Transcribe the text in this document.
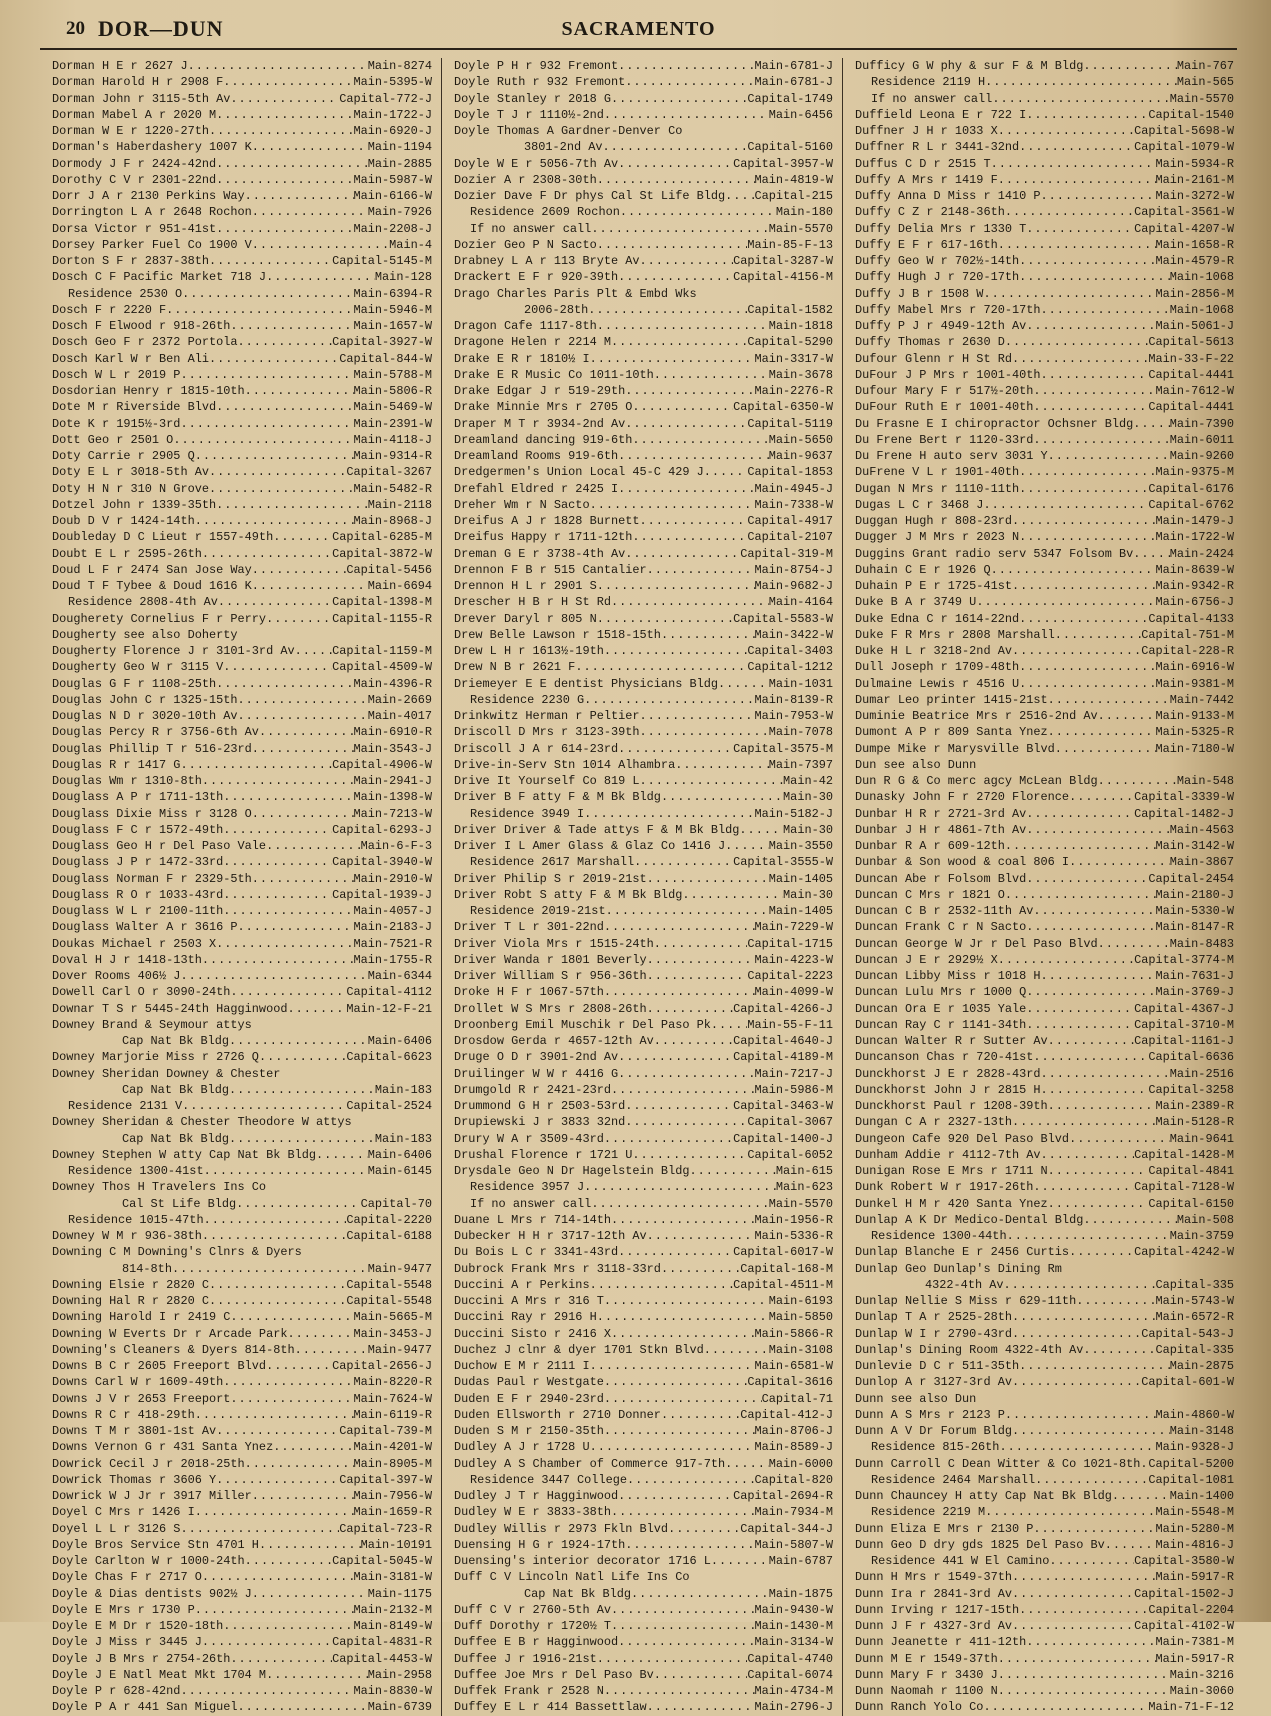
20 DOR—DUN	SACRAMENTO
Dorman H E r 2627 J .....	Main-8274
Dorman Harold H r 2908 F .....	Main-5395-W
Dorman John r 3115-5th Av .....	Capital-772-J
Dorman Mabel A r 2020 M .....	Main-1722-J
Dorman W E r 1220-27th .....	Main-6920-J
Dorman's Haberdashery 1007 K .....	Main-1194
Dormody J F r 2424-42nd .....	Main-2885
Dorothy C V r 2301-22nd .....	Main-5987-W
Dorr J A r 2130 Perkins Way .....	Main-6166-W
Dorrington L A r 2648 Rochon .....	Main-7926
Dorsa Victor r 951-41st .....	Main-2208-J
Dorsey Parker Fuel Co 1900 V .....	Main-4
Dorton S F r 2837-38th .....	Capital-5145-M
Dosch C F Pacific Market 718 J .....	Main-128
Residence 2530 O .....	Main-6394-R
Dosch F r 2220 F .....	Main-5946-M
Dosch F Elwood r 918-26th .....	Main-1657-W
Dosch Geo F r 2372 Portola .....	Capital-3927-W
Dosch Karl W r Ben Ali .....	Capital-844-W
Dosch W L r 2019 P .....	Main-5788-M
Dosdorian Henry r 1815-10th .....	Main-5806-R
Dote M r Riverside Blvd .....	Main-5469-W
Dote K r 1915½-3rd .....	Main-2391-W
Dott Geo r 2501 O .....	Main-4118-J
Doty Carrie r 2905 Q .....	Main-9314-R
Doty E L r 3018-5th Av .....	Capital-3267
Doty H N r 310 N Grove .....	Main-5482-R
Dotzel John r 1339-35th .....	Main-2118
Doub D V r 1424-14th .....	Main-8968-J
Doubleday D C Lieut r 1557-49th .....	Capital-6285-M
Doubt E L r 2595-26th .....	Capital-3872-W
Doud L F r 2474 San Jose Way .....	Capital-5456
Doud T F Tybee & Doud 1616 K .....	Main-6694
Residence 2808-4th Av .....	Capital-1398-M
Dougherety Cornelius F r Perry .....	Capital-1155-R
Dougherty see also Doherty
Dougherty Florence J r 3101-3rd Av .....	Capital-1159-M
Dougherty Geo W r 3115 V .....	Capital-4509-W
Douglas G F r 1108-25th .....	Main-4396-R
Douglas John C r 1325-15th .....	Main-2669
Douglas N D r 3020-10th Av .....	Main-4017
Douglas Percy R r 3756-6th Av .....	Main-6910-R
Douglas Phillip T r 516-23rd .....	Main-3543-J
Douglas R r 1417 G .....	Capital-4906-W
Douglas Wm r 1310-8th .....	Main-2941-J
Douglass A P r 1711-13th .....	Main-1398-W
Douglass Dixie Miss r 3128 O .....	Main-7213-W
Douglass F C r 1572-49th .....	Capital-6293-J
Douglass Geo H r Del Paso Vale .....	Main-6-F-3
Douglass J P r 1472-33rd .....	Capital-3940-W
Douglass Norman F r 2329-5th .....	Main-2910-W
Douglass R O r 1033-43rd .....	Capital-1939-J
Douglass W L r 2100-11th .....	Main-4057-J
Douglass Walter A r 3616 P .....	Main-2183-J
Doukas Michael r 2503 X .....	Main-7521-R
Doval H J r 1418-13th .....	Main-1755-R
Dover Rooms 406½ J .....	Main-6344
Dowell Carl O r 3090-24th .....	Capital-4112
Downar T S r 5445-24th Hagginwood .....	Main-12-F-21
Downey Brand & Seymour attys
Cap Nat Bk Bldg .....	Main-6406
Downey Marjorie Miss r 2726 Q .....	Capital-6623
Downey Sheridan Downey & Chester
Cap Nat Bk Bldg .....	Main-183
Residence 2131 V .....	Capital-2524
Downey Sheridan & Chester Theodore W attys
Cap Nat Bk Bldg .....	Main-183
Downey Stephen W atty Cap Nat Bk Bldg .....	Main-6406
Residence 1300-41st .....	Main-6145
Downey Thos H Travelers Ins Co
Cal St Life Bldg .....	Capital-70
Residence 1015-47th .....	Capital-2220
Downey W M r 936-38th .....	Capital-6188
Downing C M Downing's Clnrs & Dyers
814-8th .....	Main-9477
Downing Elsie r 2820 C .....	Capital-5548
Downing Hal R r 2820 C .....	Capital-5548
Downing Harold I r 2419 C .....	Main-5665-M
Downing W Everts Dr r Arcade Park .....	Main-3453-J
Downing's Cleaners & Dyers 814-8th .....	Main-9477
Downs B C r 2605 Freeport Blvd .....	Capital-2656-J
Downs Carl W r 1609-49th .....	Main-8220-R
Downs J V r 2653 Freeport .....	Main-7624-W
Downs R C r 418-29th .....	Main-6119-R
Downs T M r 3801-1st Av .....	Capital-739-M
Downs Vernon G r 431 Santa Ynez .....	Main-4201-W
Dowrick Cecil J r 2018-25th .....	Main-8905-M
Dowrick Thomas r 3606 Y .....	Capital-397-W
Dowrick W J Jr r 3917 Miller .....	Main-7956-W
Doyel C Mrs r 1426 I .....	Main-1659-R
Doyel L L r 3126 S .....	Capital-723-R
Doyle Bros Service Stn 4701 H .....	Main-10191
Doyle Carlton W r 1000-24th .....	Capital-5045-W
Doyle Chas F r 2717 O .....	Main-3181-W
Doyle & Dias dentists 902½ J .....	Main-1175
Doyle E Mrs r 1730 P .....	Main-2132-M
Doyle E M Dr r 1520-18th .....	Main-8149-W
Doyle J Miss r 3445 J .....	Capital-4831-R
Doyle J B Mrs r 2754-26th .....	Capital-4453-W
Doyle J E Natl Meat Mkt 1704 M .....	Main-2958
Doyle P r 628-42nd .....	Main-8830-W
Doyle P A r 441 San Miguel .....	Main-6739
Doyle P H r 932 Fremont .....	Main-6781-J
Doyle Ruth r 932 Fremont .....	Main-6781-J
Doyle Stanley r 2018 G .....	Capital-1749
Doyle T J r 1110½-2nd .....	Main-6456
Doyle Thomas A Gardner-Denver Co
3801-2nd Av .....	Capital-5160
Doyle W E r 5056-7th Av .....	Capital-3957-W
Dozier A r 2308-30th .....	Main-4819-W
Dozier Dave F Dr phys Cal St Life Bldg ..... Capital-215
Residence 2609 Rochon .....	Main-180
If no answer call .....	Main-5570
Dozier Geo P N Sacto .....	Main-85-F-13
Drabney L A r 113 Bryte Av .....	Capital-3287-W
Drackert E F r 920-39th .....	Capital-4156-M
Drago Charles Paris Plt & Embd Wks
2006-28th .....	Capital-1582
Dragon Cafe 1117-8th .....	Main-1818
Dragone Helen r 2214 M .....	Capital-5290
Drake E R r 1810½ I .....	Main-3317-W
Drake E R Music Co 1011-10th .....	Main-3678
Drake Edgar J r 519-29th .....	Main-2276-R
Drake Minnie Mrs r 2705 O .....	Capital-6350-W
Draper M T r 3934-2nd Av .....	Capital-5119
Dreamland dancing 919-6th .....	Main-5650
Dreamland Rooms 919-6th .....	Main-9637
Dredgermen's Union Local 45-C 429 J .....	Capital-1853
Drefahl Eldred r 2425 I .....	Main-4945-J
Dreher Wm r N Sacto .....	Main-7338-W
Dreifus A J r 1828 Burnett .....	Capital-4917
Dreifus Happy r 1711-12th .....	Capital-2107
Dreman G E r 3738-4th Av .....	Capital-319-M
Drennon F B r 515 Cantalier .....	Main-8754-J
Drennon H L r 2901 S .....	Main-9682-J
Drescher H B r H St Rd .....	Main-4164
Drever Daryl r 805 N .....	Capital-5583-W
Drew Belle Lawson r 1518-15th .....	Main-3422-W
Drew L H r 1613½-19th .....	Capital-3403
Drew N B r 2621 F .....	Capital-1212
Driemeyer E E dentist Physicians Bldg .....	Main-1031
Residence 2230 G .....	Main-8139-R
Drinkwitz Herman r Peltier .....	Main-7953-W
Driscoll D Mrs r 3123-39th .....	Main-7078
Driscoll J A r 614-23rd .....	Capital-3575-M
Drive-in-Serv Stn 1014 Alhambra .....	Main-7397
Drive It Yourself Co 819 L .....	Main-42
Driver B F atty F & M Bk Bldg .....	Main-30
Residence 3949 I .....	Main-5182-J
Driver Driver & Tade attys F & M Bk Bldg .....	Main-30
Driver I L Amer Glass & Glaz Co 1416 J .....	Main-3550
Residence 2617 Marshall .....	Capital-3555-W
Driver Philip S r 2019-21st .....	Main-1405
Driver Robt S atty F & M Bk Bldg .....	Main-30
Residence 2019-21st .....	Main-1405
Driver T L r 301-22nd .....	Main-7229-W
Driver Viola Mrs r 1515-24th .....	Capital-1715
Driver Wanda r 1801 Beverly .....	Main-4223-W
Driver William S r 956-36th .....	Capital-2223
Droke H F r 1067-57th .....	Main-4099-W
Drollet W S Mrs r 2808-26th .....	Capital-4266-J
Droonberg Emil Muschik r Del Paso Pk .....	Main-55-F-11
Drosdow Gerda r 4657-12th Av .....	Capital-4640-J
Druge O D r 3901-2nd Av .....	Capital-4189-M
Druilinger W W r 4416 G .....	Main-7217-J
Drumgold R r 2421-23rd .....	Main-5986-M
Drummond G H r 2503-53rd .....	Capital-3463-W
Drupiewski J r 3833 32nd .....	Capital-3067
Drury W A r 3509-43rd .....	Capital-1400-J
Drushal Florence r 1721 U .....	Capital-6052
Drysdale Geo N Dr Hagelstein Bldg .....	Main-615
Residence 3957 J .....	Main-623
If no answer call .....	Main-5570
Duane L Mrs r 714-14th .....	Main-1956-R
Dubecker H H r 3717-12th Av .....	Main-5336-R
Du Bois L C r 3341-43rd .....	Capital-6017-W
Dubrock Frank Mrs r 3118-33rd .....	Capital-168-M
Duccini A r Perkins .....	Capital-4511-M
Duccini A Mrs r 316 T .....	Main-6193
Duccini Ray r 2916 H .....	Main-5850
Duccini Sisto r 2416 X .....	Main-5866-R
Duchez J clnr & dyer 1701 Stkn Blvd .....	Main-3108
Duchow E M r 2111 I .....	Main-6581-W
Dudas Paul r Westgate .....	Capital-3616
Duden E F r 2940-23rd .....	Capital-71
Duden Ellsworth r 2710 Donner .....	Capital-412-J
Duden S M r 2150-35th .....	Main-8706-J
Dudley A J r 1728 U .....	Main-8589-J
Dudley A S Chamber of Commerce 917-7th .....	Main-6000
Residence 3447 College .....	Capital-820
Dudley J T r Hagginwood .....	Capital-2694-R
Dudley W E r 3833-38th .....	Main-7934-M
Dudley Willis r 2973 Fkln Blvd .....	Capital-344-J
Duensing H G r 1924-17th .....	Main-5807-W
Duensing's interior decorator 1716 L .....	Main-6787
Duff C V Lincoln Natl Life Ins Co
Cap Nat Bk Bldg .....	Main-1875
Duff C V r 2760-5th Av .....	Main-9430-W
Duff Dorothy r 1720½ T .....	Main-1430-M
Duffee E B r Hagginwood .....	Main-3134-W
Duffee J r 1916-21st .....	Capital-4740
Duffee Joe Mrs r Del Paso Bv .....	Capital-6074
Duffek Frank r 2528 N .....	Main-4734-M
Duffey E L r 414 Bassettlaw .....	Main-2796-J
Dufficy G W phy & sur F & M Bldg .....	Main-767
Residence 2119 H .....	Main-565
If no answer call .....	Main-5570
Duffield Leona E r 722 I .....	Capital-1540
Duffner J H r 1033 X .....	Capital-5698-W
Duffner R L r 3441-32nd .....	Capital-1079-W
Duffus C D r 2515 T .....	Main-5934-R
Duffy A Mrs r 1419 F .....	Main-2161-M
Duffy Anna D Miss r 1410 P .....	Main-3272-W
Duffy C Z r 2148-36th .....	Capital-3561-W
Duffy Delia Mrs r 1330 T .....	Capital-4207-W
Duffy E F r 617-16th .....	Main-1658-R
Duffy Geo W r 702½-14th .....	Main-4579-R
Duffy Hugh J r 720-17th .....	Main-1068
Duffy J B r 1508 W .....	Main-2856-M
Duffy Mabel Mrs r 720-17th .....	Main-1068
Duffy P J r 4949-12th Av .....	Main-5061-J
Duffy Thomas r 2630 D .....	Capital-5613
Dufour Glenn r H St Rd .....	Main-33-F-22
DuFour J P Mrs r 1001-40th .....	Capital-4441
Dufour Mary F r 517½-20th .....	Main-7612-W
DuFour Ruth E r 1001-40th .....	Capital-4441
Du Frasne E I chiropractor Ochsner Bldg .....	Main-7390
Du Frene Bert r 1120-33rd .....	Main-6011
Du Frene H auto serv 3031 Y .....	Main-9260
DuFrene V L r 1901-40th .....	Main-9375-M
Dugan N Mrs r 1110-11th .....	Capital-6176
Dugas L C r 3468 J .....	Capital-6762
Duggan Hugh r 808-23rd .....	Main-1479-J
Dugger J M Mrs r 2023 N .....	Main-1722-W
Duggins Grant radio serv 5347 Folsom Bv .....	Main-2424
Duhain C E r 1926 Q .....	Main-8639-W
Duhain P E r 1725-41st .....	Main-9342-R
Duke B A r 3749 U .....	Main-6756-J
Duke Edna C r 1614-22nd .....	Capital-4133
Duke F R Mrs r 2808 Marshall .....	Capital-751-M
Duke H L r 3218-2nd Av .....	Capital-228-R
Dull Joseph r 1709-48th .....	Main-6916-W
Dulmaine Lewis r 4516 U .....	Main-9381-M
Dumar Leo printer 1415-21st .....	Main-7442
Duminie Beatrice Mrs r 2516-2nd Av .....	Main-9133-M
Dumont A P r 809 Santa Ynez .....	Main-5325-R
Dumpe Mike r Marysville Blvd .....	Main-7180-W
Dun see also Dunn
Dun R G & Co merc agcy McLean Bldg .....	Main-548
Dunasky John F r 2720 Florence .....	Capital-3339-W
Dunbar H R r 2721-3rd Av .....	Capital-1482-J
Dunbar J H r 4861-7th Av .....	Main-4563
Dunbar R A r 609-12th .....	Main-3142-W
Dunbar & Son wood & coal 806 I .....	Main-3867
Duncan Abe r Folsom Blvd .....	Capital-2454
Duncan C Mrs r 1821 O .....	Main-2180-J
Duncan C B r 2532-11th Av .....	Main-5330-W
Duncan Frank C r N Sacto .....	Main-8147-R
Duncan George W Jr r Del Paso Blvd .....	Main-8483
Duncan J E r 2929½ X .....	Capital-3774-M
Duncan Libby Miss r 1018 H .....	Main-7631-J
Duncan Lulu Mrs r 1000 Q .....	Main-3769-J
Duncan Ora E r 1035 Yale .....	Capital-4367-J
Duncan Ray C r 1141-34th .....	Capital-3710-M
Duncan Walter R r Sutter Av .....	Capital-1161-J
Duncanson Chas r 720-41st .....	Capital-6636
Dunckhorst J E r 2828-43rd .....	Main-2516
Dunckhorst John J r 2815 H .....	Capital-3258
Dunckhorst Paul r 1208-39th .....	Main-2389-R
Dungan C A r 2327-13th .....	Main-5128-R
Dungeon Cafe 920 Del Paso Blvd .....	Main-9641
Dunham Addie r 4112-7th Av .....	Capital-1428-M
Dunigan Rose E Mrs r 1711 N .....	Capital-4841
Dunk Robert W r 1917-26th .....	Capital-7128-W
Dunkel H M r 420 Santa Ynez .....	Capital-6150
Dunlap A K Dr Medico-Dental Bldg .....	Main-508
Residence 1300-44th .....	Main-3759
Dunlap Blanche E r 2456 Curtis .....	Capital-4242-W
Dunlap Geo Dunlap's Dining Rm
4322-4th Av .....	Capital-335
Dunlap Nellie S Miss r 629-11th .....	Main-5743-W
Dunlap T A r 2525-28th .....	Main-6572-R
Dunlap W I r 2790-43rd .....	Capital-543-J
Dunlap's Dining Room 4322-4th Av .....	Capital-335
Dunlevie D C r 511-35th .....	Main-2875
Dunlop A r 3127-3rd Av .....	Capital-601-W
Dunn see also Dun
Dunn A S Mrs r 2123 P .....	Main-4860-W
Dunn A V Dr Forum Bldg .....	Main-3148
Residence 815-26th .....	Main-9328-J
Dunn Carroll C Dean Witter & Co 1021-8th ..... Capital-5200
Residence 2464 Marshall .....	Capital-1081
Dunn Chauncey H atty Cap Nat Bk Bldg .....	Main-1400
Residence 2219 M .....	Main-5548-M
Dunn Eliza E Mrs r 2130 P .....	Main-5280-M
Dunn Geo D dry gds 1825 Del Paso Bv .....	Main-4816-J
Residence 441 W El Camino .....	Capital-3580-W
Dunn H Mrs r 1549-37th .....	Main-5917-R
Dunn Ira r 2841-3rd Av .....	Capital-1502-J
Dunn Irving r 1217-15th .....	Capital-2204
Dunn J F r 4327-3rd Av .....	Capital-4102-W
Dunn Jeanette r 411-12th .....	Main-7381-M
Dunn M E r 1549-37th .....	Main-5917-R
Dunn Mary F r 3430 J .....	Main-3216
Dunn Naomah r 1100 N .....	Main-3060
Dunn Ranch Yolo Co .....	Main-71-F-12
